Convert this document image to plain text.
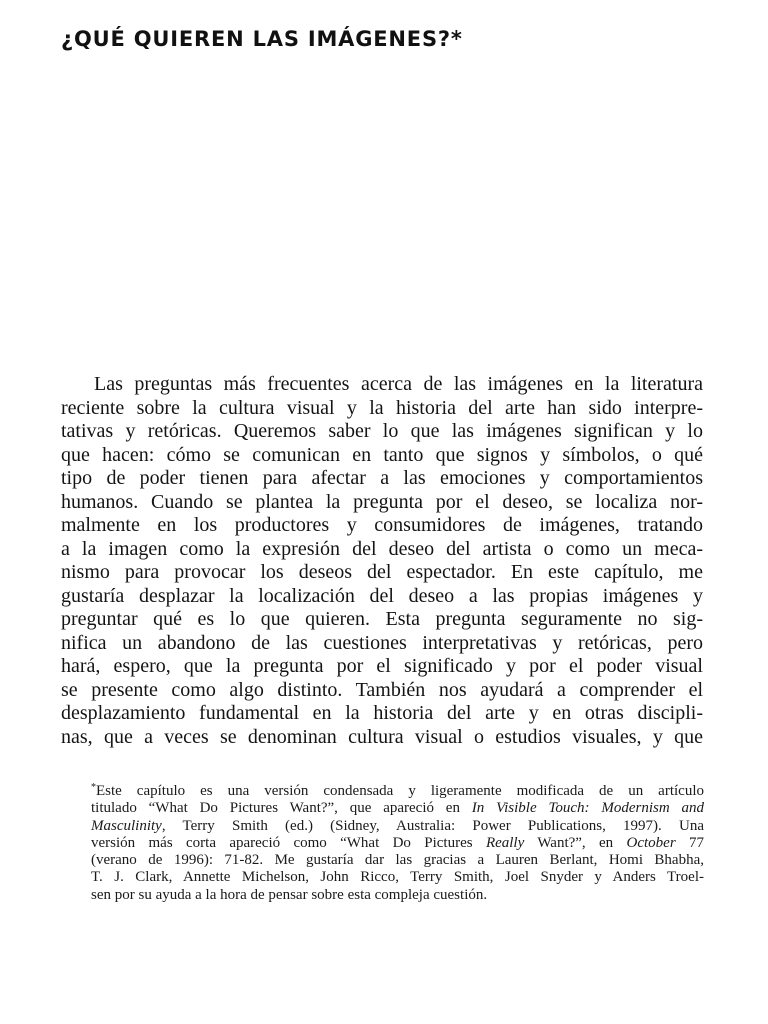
¿QUÉ QUIEREN LAS IMÁGENES?*
Las preguntas más frecuentes acerca de las imágenes en la literatura
reciente sobre la cultura visual y la historia del arte han sido interpre-
tativas y retóricas. Queremos saber lo que las imágenes significan y lo
que hacen: cómo se comunican en tanto que signos y símbolos, o qué
tipo de poder tienen para afectar a las emociones y comportamientos
humanos. Cuando se plantea la pregunta por el deseo, se localiza nor-
malmente en los productores y consumidores de imágenes, tratando
a la imagen como la expresión del deseo del artista o como un meca-
nismo para provocar los deseos del espectador. En este capítulo, me
gustaría desplazar la localización del deseo a las propias imágenes y
preguntar qué es lo que quieren. Esta pregunta seguramente no sig-
nifica un abandono de las cuestiones interpretativas y retóricas, pero
hará, espero, que la pregunta por el significado y por el poder visual
se presente como algo distinto. También nos ayudará a comprender el
desplazamiento fundamental en la historia del arte y en otras discipli-
nas, que a veces se denominan cultura visual o estudios visuales, y que
*Este capítulo es una versión condensada y ligeramente modificada de un artículo
titulado “What Do Pictures Want?”, que apareció en In Visible Touch: Modernism and
Masculinity, Terry Smith (ed.) (Sidney, Australia: Power Publications, 1997). Una
versión más corta apareció como “What Do Pictures Really Want?”, en October 77
(verano de 1996): 71-82. Me gustaría dar las gracias a Lauren Berlant, Homi Bhabha,
T. J. Clark, Annette Michelson, John Ricco, Terry Smith, Joel Snyder y Anders Troel-
sen por su ayuda a la hora de pensar sobre esta compleja cuestión.
